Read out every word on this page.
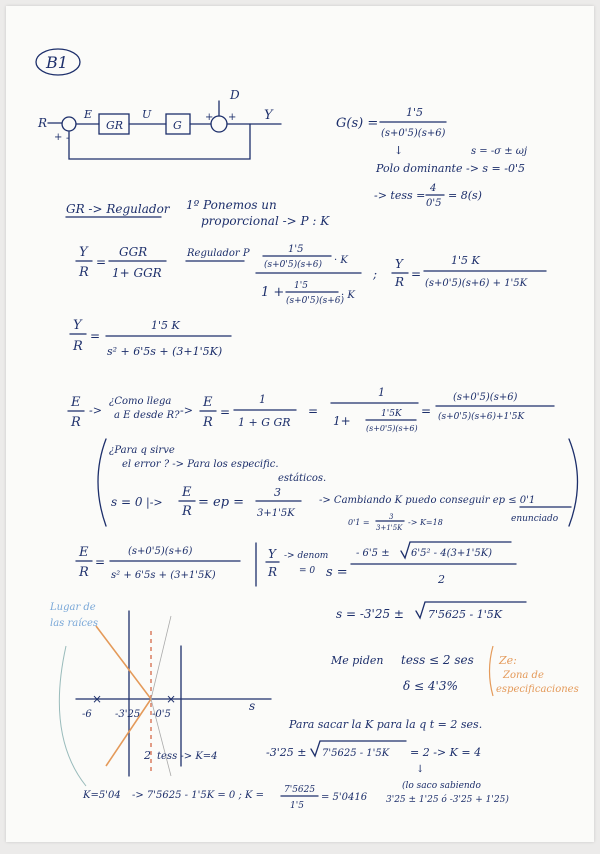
B1
R
+ -
E
GR
U
G
+ +
D
Y
G(s) =
1'5
(s+0'5)(s+6)
s = -σ ± ωj
↓
Polo dominante -> s = -0'5
-> tess =
4
0'5
= 8(s)
GR -> Regulador 1º Ponemos un
proporcional -> P : K
Y
R
=
GGR
1+ GGR
Regulador P	1'5
(s+0'5)(s+6) · K
1 + 1'5
(s+0'5)(s+6)
· K
;
Y
R
=
1'5 K
(s+0'5)(s+6) + 1'5K
Y
R
=
1'5 K
s² + 6'5s + (3+1'5K)
E
R
->
¿Como llega
a E desde R? ->
E
R
=
1
1 + G GR
=
1
1+	1'5K
(s+0'5)(s+6)
=
(s+0'5)(s+6)
(s+0'5)(s+6)+1'5K
¿Para q sirve
el error ? -> Para los especific.
estáticos.
s = 0 |->
E
R
= ep =
3
3+1'5K
-> Cambiando K puedo conseguir ep ≤ 0'1
enunciado
0'1 =
3
3+1'5K
-> K=18
E
R
=
(s+0'5)(s+6)
s² + 6'5s + (3+1'5K)
Y
R
-> denom
= 0 s =
- 6'5 ± 6'5² - 4(3+1'5K)
2
Lugar de
las raíces
×	×
-6 -3'25 -0'5
s
2 tess -> K=4
K=5'04
s = -3'25 ± 7'5625 - 1'5K
Me piden tess ≤ 2 ses
δ ≤ 4'3%
Ze:
Zona de
especificaciones
Para sacar la K para la q t = 2 ses.
-3'25 ± 7'5625 - 1'5K = 2 -> K = 4
↓
(lo saco sabiendo
3'25 ± 1'25 ó -3'25 + 1'25)
-> 7'5625 - 1'5K = 0 ; K = 7'5625
1'5
= 5'0416
